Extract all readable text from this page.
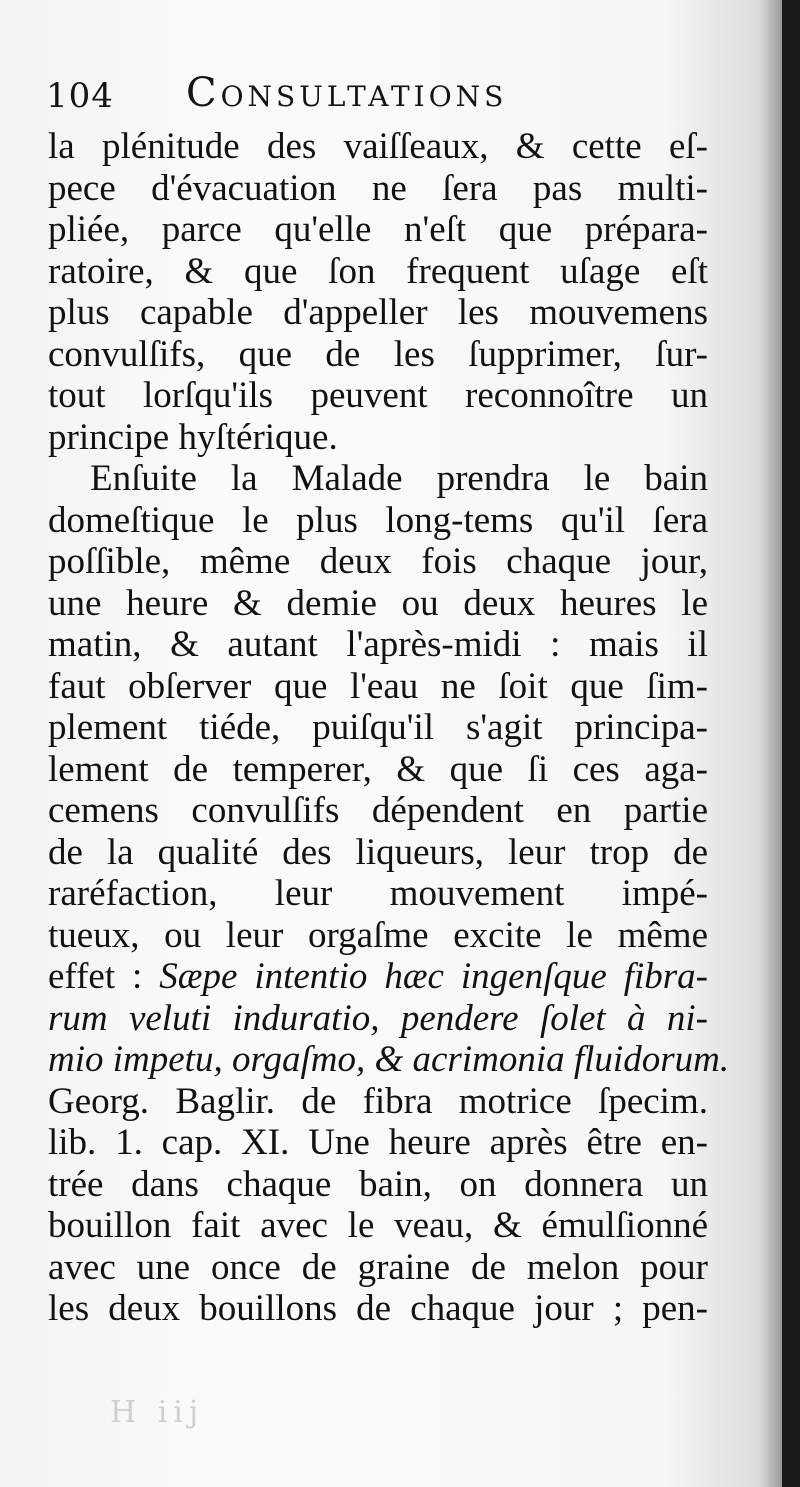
104 Consultations
la plénitude des vaiſſeaux, & cette eſ-
pece d'évacuation ne ſera pas multi-
pliée, parce qu'elle n'eſt que prépara-
ratoire, & que ſon frequent uſage eſt
plus capable d'appeller les mouvemens
convulſifs, que de les ſupprimer, ſur-
tout lorſqu'ils peuvent reconnoître un
principe hyſtérique.
Enſuite la Malade prendra le bain
domeſtique le plus long-tems qu'il ſera
poſſible, même deux fois chaque jour,
une heure & demie ou deux heures le
matin, & autant l'après-midi : mais il
faut obſerver que l'eau ne ſoit que ſim-
plement tiéde, puiſqu'il s'agit principa-
lement de temperer, & que ſi ces aga-
cemens convulſifs dépendent en partie
de la qualité des liqueurs, leur trop de
raréfaction, leur mouvement impé-
tueux, ou leur orgaſme excite le même
effet : Sæpe intentio hæc ingenſque fibra-
rum veluti induratio, pendere ſolet à ni-
mio impetu, orgaſmo, & acrimonia fluidorum.
Georg. Baglir. de fibra motrice ſpecim.
lib. 1. cap. XI. Une heure après être en-
trée dans chaque bain, on donnera un
bouillon fait avec le veau, & émulſionné
avec une once de graine de melon pour
les deux bouillons de chaque jour ; pen-
H iij
